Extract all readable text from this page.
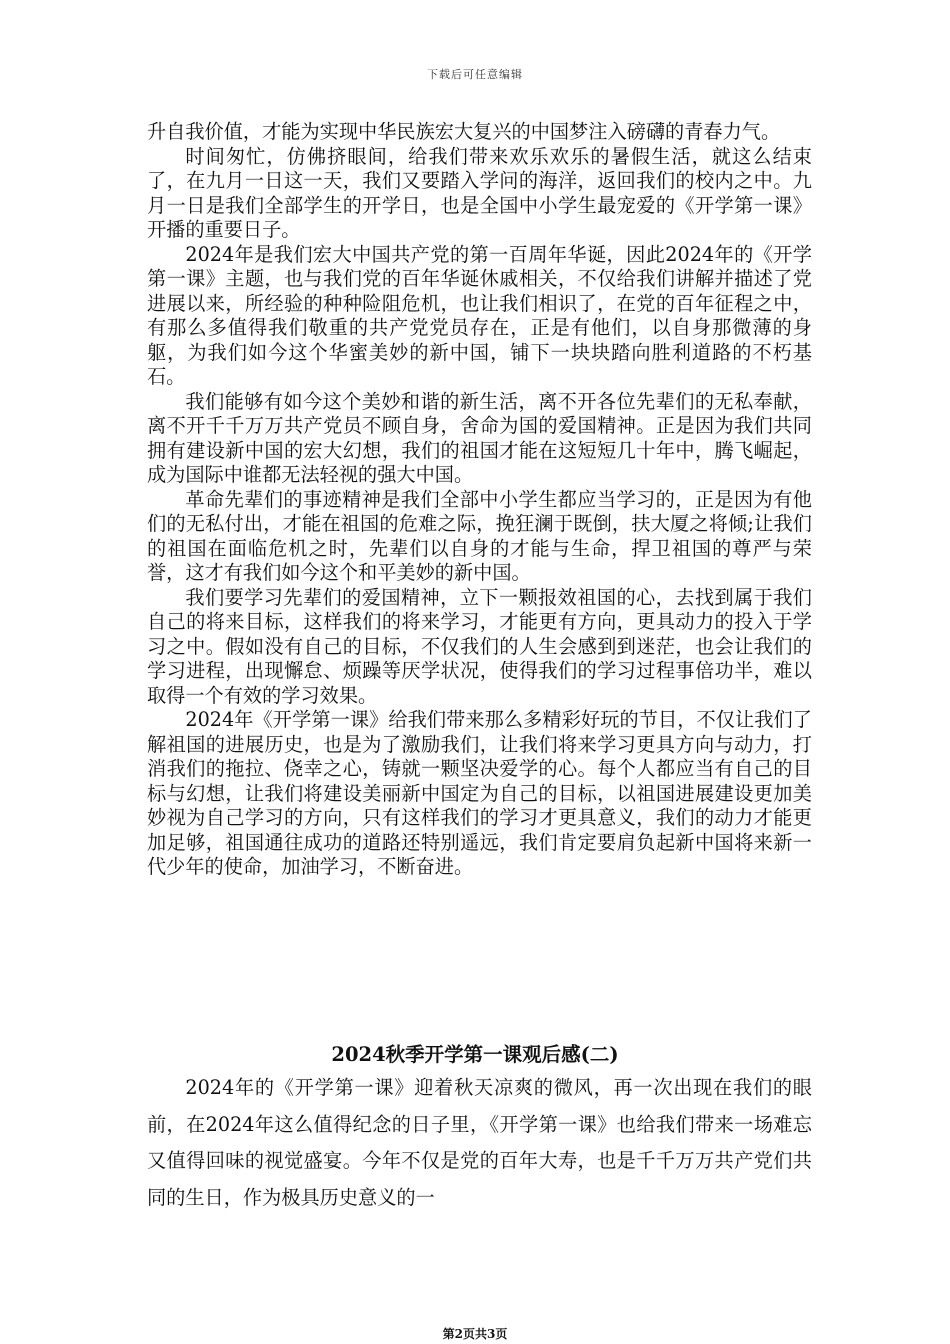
下载后可任意编辑

升自我价值，才能为实现中华民族宏大复兴的中国梦注入磅礴的青春力气。

时间匆忙，仿佛挤眼间，给我们带来欢乐欢乐的暑假生活，就这么结束了，在九月一日这一天，我们又要踏入学问的海洋，返回我们的校内之中。九月一日是我们全部学生的开学日，也是全国中小学生最宠爱的《开学第一课》开播的重要日子。

2024年是我们宏大中国共产党的第一百周年华诞，因此2024年的《开学第一课》主题，也与我们党的百年华诞休戚相关，不仅给我们讲解并描述了党进展以来，所经验的种种险阻危机，也让我们相识了，在党的百年征程之中，有那么多值得我们敬重的共产党党员存在，正是有他们，以自身那微薄的身躯，为我们如今这个华蜜美妙的新中国，铺下一块块踏向胜利道路的不朽基石。

我们能够有如今这个美妙和谐的新生活，离不开各位先辈们的无私奉献，离不开千千万万共产党员不顾自身，舍命为国的爱国精神。正是因为我们共同拥有建设新中国的宏大幻想，我们的祖国才能在这短短几十年中，腾飞崛起，成为国际中谁都无法轻视的强大中国。

革命先辈们的事迹精神是我们全部中小学生都应当学习的，正是因为有他们的无私付出，才能在祖国的危难之际，挽狂澜于既倒，扶大厦之将倾;让我们的祖国在面临危机之时，先辈们以自身的才能与生命，捍卫祖国的尊严与荣誉，这才有我们如今这个和平美妙的新中国。

我们要学习先辈们的爱国精神，立下一颗报效祖国的心，去找到属于我们自己的将来目标，这样我们的将来学习，才能更有方向，更具动力的投入于学习之中。假如没有自己的目标，不仅我们的人生会感到到迷茫，也会让我们的学习进程，出现懈怠、烦躁等厌学状况，使得我们的学习过程事倍功半，难以取得一个有效的学习效果。

2024年《开学第一课》给我们带来那么多精彩好玩的节目，不仅让我们了解祖国的进展历史，也是为了激励我们，让我们将来学习更具方向与动力，打消我们的拖拉、侥幸之心，铸就一颗坚决爱学的心。每个人都应当有自己的目标与幻想，让我们将建设美丽新中国定为自己的目标，以祖国进展建设更加美妙视为自己学习的方向，只有这样我们的学习才更具意义，我们的动力才能更加足够，祖国通往成功的道路还特别遥远，我们肯定要肩负起新中国将来新一代少年的使命，加油学习，不断奋进。

2024秋季开学第一课观后感(二)

2024年的《开学第一课》迎着秋天凉爽的微风，再一次出现在我们的眼前，在2024年这么值得纪念的日子里，《开学第一课》也给我们带来一场难忘又值得回味的视觉盛宴。今年不仅是党的百年大寿，也是千千万万共产党们共同的生日，作为极具历史意义的一

第2页共3页
